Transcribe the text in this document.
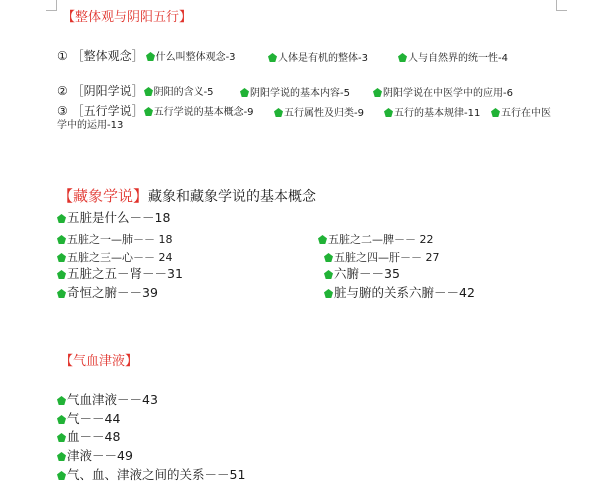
【整体观与阴阳五行】
① ［整体观念］ 什么叫整体观念-3	人体是有机的整体-3	人与自然界的统一性-4
② ［阴阳学说］ 阴阳的含义-5	阴阳学说的基本内容-5	阴阳学说在中医学中的应用-6
③ ［五行学说］ 五行学说的基本概念-9	五行属性及归类-9	五行的基本规律-11	五行在中医
学中的运用-13
【藏象学说】藏象和藏象学说的基本概念
五脏是什么－－18
五脏之一—肺－－ 18	五脏之二—脾－－ 22
五脏之三—心－－ 24	五脏之四—肝－－ 27
五脏之五－肾－－31	六腑－－35
奇恒之腑－－39	脏与腑的关系六腑－－42
【气血津液】
气血津液－－43
气－－44
血－－48
津液－－49
气、血、津液之间的关系－－51
